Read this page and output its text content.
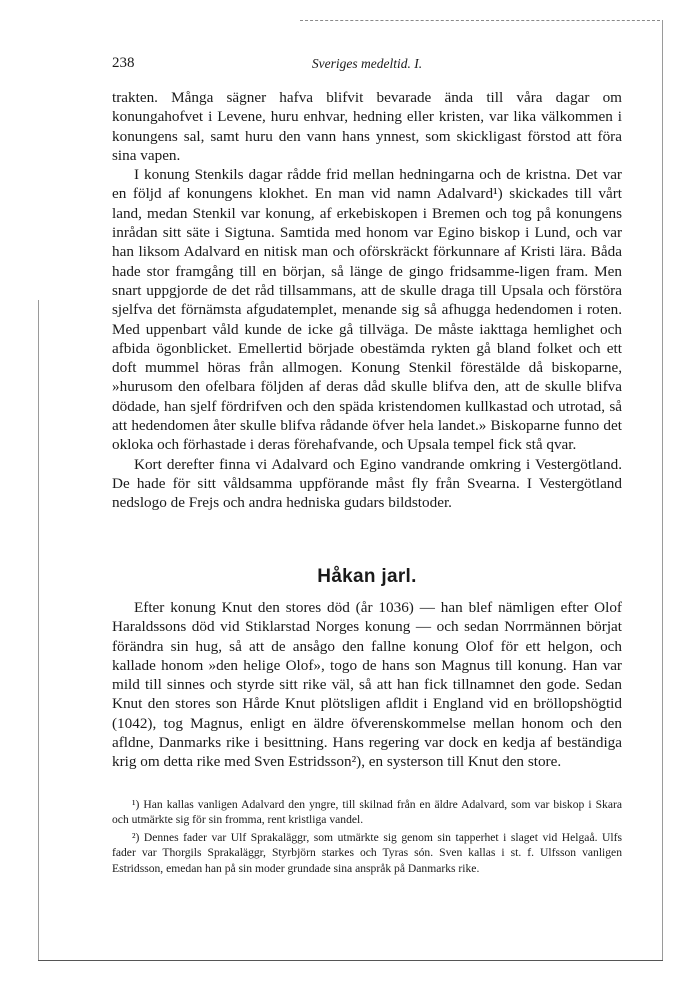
238	Sveriges medeltid. I.

trakten. Många sägner hafva blifvit bevarade ända till våra dagar om konungahofvet i Levene, huru enhvar, hedning eller kristen, var lika välkommen i konungens sal, samt huru den vann hans ynnest, som skickligast förstod att föra sina vapen.

I konung Stenkils dagar rådde frid mellan hedningarna och de kristna. Det var en följd af konungens klokhet. En man vid namn Adalvard¹) skickades till vårt land, medan Stenkil var konung, af erkebiskopen i Bremen och tog på konungens inrådan sitt säte i Sigtuna. Samtida med honom var Egino biskop i Lund, och var han liksom Adalvard en nitisk man och oförskräckt förkunnare af Kristi lära. Båda hade stor framgång till en början, så länge de gingo fridsamme-ligen fram. Men snart uppgjorde de det råd tillsammans, att de skulle draga till Upsala och förstöra sjelfva det förnämsta afgudatemplet, menande sig så afhugga hedendomen i roten. Med uppenbart våld kunde de icke gå tillväga. De måste iakttaga hemlighet och afbida ögonblicket. Emellertid började obestämda rykten gå bland folket och ett doft mummel höras från allmogen. Konung Stenkil förestälde då biskoparne, »hurusom den ofelbara följden af deras dåd skulle blifva den, att de skulle blifva dödade, han sjelf fördrifven och den späda kristendomen kullkastad och utrotad, så att hedendomen åter skulle blifva rådande öfver hela landet.» Biskoparne funno det okloka och förhastade i deras förehafvande, och Upsala tempel fick stå qvar.

Kort derefter finna vi Adalvard och Egino vandrande omkring i Vestergötland. De hade för sitt våldsamma uppförande måst fly från Svearna. I Vestergötland nedslogo de Frejs och andra hedniska gudars bildstoder.

Håkan jarl.

Efter konung Knut den stores död (år 1036) — han blef nämligen efter Olof Haraldssons död vid Stiklarstad Norges konung — och sedan Norrmännen börjat förändra sin hug, så att de ansågo den fallne konung Olof för ett helgon, och kallade honom »den helige Olof», togo de hans son Magnus till konung. Han var mild till sinnes och styrde sitt rike väl, så att han fick tillnamnet den gode. Sedan Knut den stores son Hårde Knut plötsligen afldit i England vid en bröllopshögtid (1042), tog Magnus, enligt en äldre öfverenskommelse mellan honom och den afldne, Danmarks rike i besittning. Hans regering var dock en kedja af beständiga krig om detta rike med Sven Estridsson²), en systerson till Knut den store.

¹) Han kallas vanligen Adalvard den yngre, till skilnad från en äldre Adalvard, som var biskop i Skara och utmärkte sig för sin fromma, rent kristliga vandel.

²) Dennes fader var Ulf Sprakaläggr, som utmärkte sig genom sin tapperhet i slaget vid Helgaå. Ulfs fader var Thorgils Sprakaläggr, Styrbjörn starkes och Tyras són. Sven kallas i st. f. Ulfsson vanligen Estridsson, emedan han på sin moder grundade sina anspråk på Danmarks rike.
